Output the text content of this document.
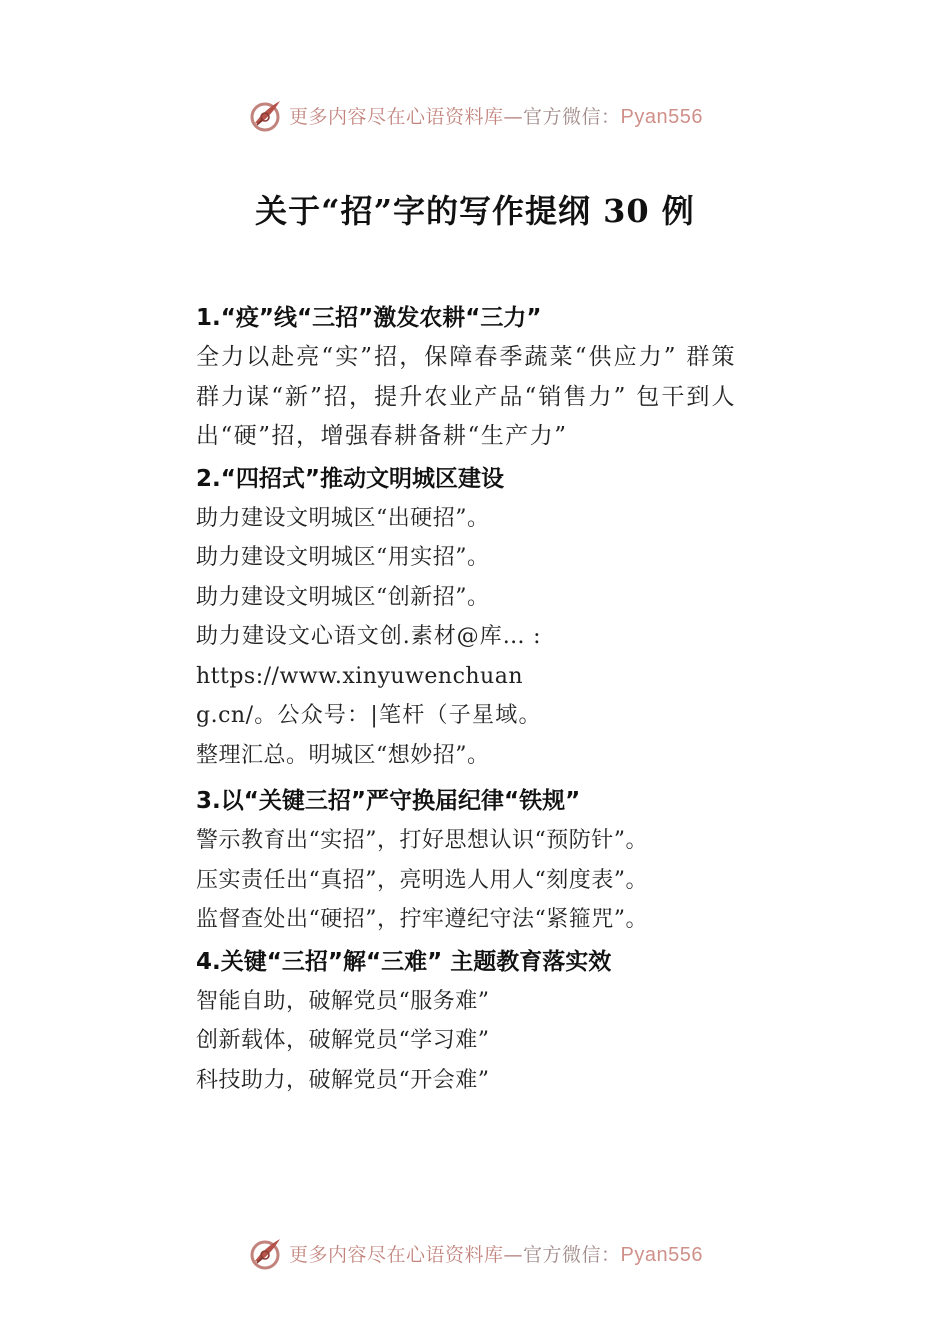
更多内容尽在心语资料库—官方微信：Pyan556
关于“招”字的写作提纲 30 例

1.“疫”线“三招”激发农耕“三力”

全力以赴亮“实”招，保障春季蔬菜“供应力” 群策群力谋“新”招，提升农业产品“销售力” 包干到人出“硬”招，增强春耕备耕“生产力”

2.“四招式”推动文明城区建设

助力建设文明城区“出硬招”。

助力建设文明城区“用实招”。

助力建设文明城区“创新招”。

助力建设文心语文创.素材@库… : https://www.xinyuwenchuang.cn/。公众号：|笔杆（子星域。整理汇总。明城区“想妙招”。

3.以“关键三招”严守换届纪律“铁规”

警示教育出“实招”，打好思想认识“预防针”。

压实责任出“真招”，亮明选人用人“刻度表”。

监督查处出“硬招”，拧牢遵纪守法“紧箍咒”。

4.关键“三招”解“三难” 主题教育落实效

智能自助，破解党员“服务难”

创新载体，破解党员“学习难”

科技助力，破解党员“开会难”

更多内容尽在心语资料库—官方微信：Pyan556
